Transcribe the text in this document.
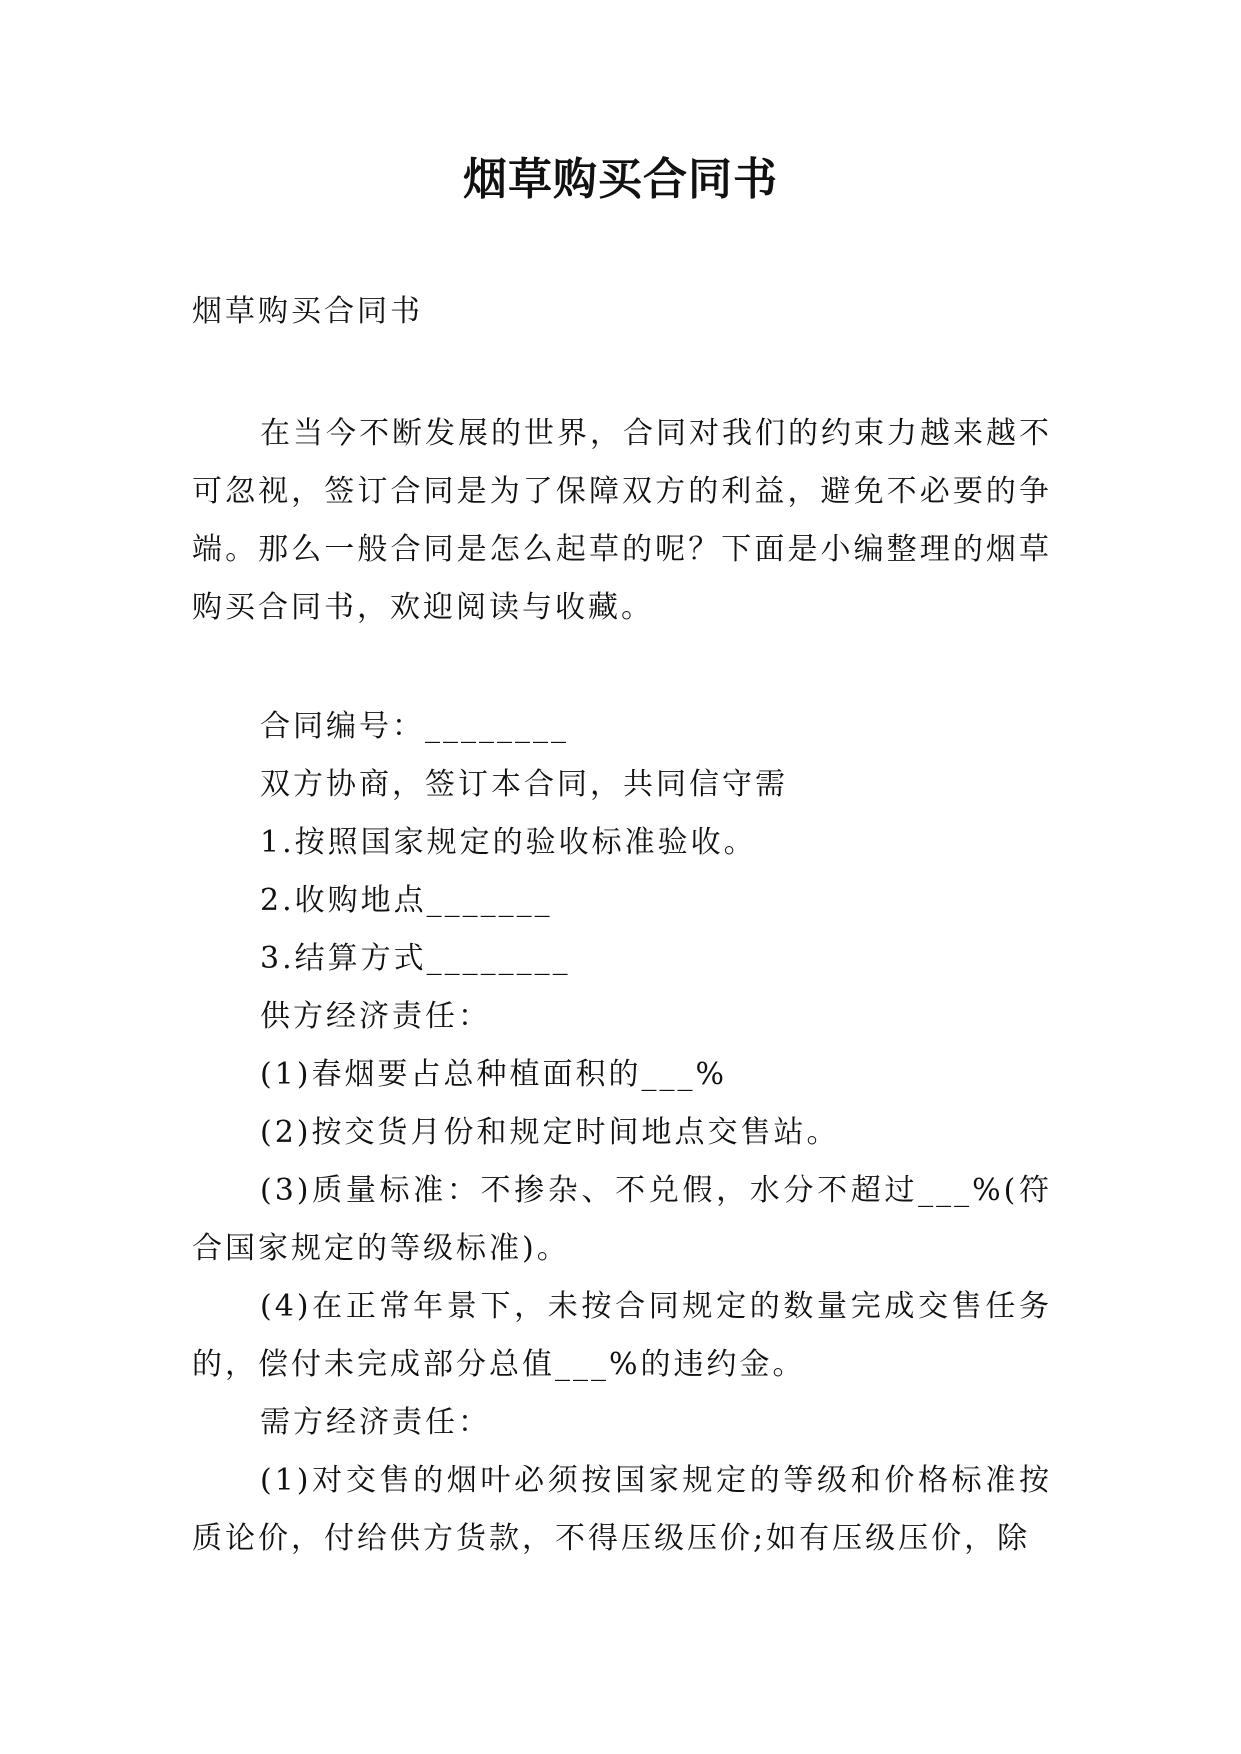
烟草购买合同书
烟草购买合同书

在当今不断发展的世界，合同对我们的约束力越来越不可忽视，签订合同是为了保障双方的利益，避免不必要的争端。那么一般合同是怎么起草的呢？下面是小编整理的烟草购买合同书，欢迎阅读与收藏。

合同编号：________

双方协商，签订本合同，共同信守需

1.按照国家规定的验收标准验收。

2.收购地点_______

3.结算方式________

供方经济责任：

(1)春烟要占总种植面积的___%

(2)按交货月份和规定时间地点交售站。

(3)质量标准：不掺杂、不兑假，水分不超过___%(符合国家规定的等级标准)。

(4)在正常年景下，未按合同规定的数量完成交售任务的，偿付未完成部分总值___%的违约金。

需方经济责任：

(1)对交售的烟叶必须按国家规定的等级和价格标准按质论价，付给供方货款，不得压级压价;如有压级压价，除
